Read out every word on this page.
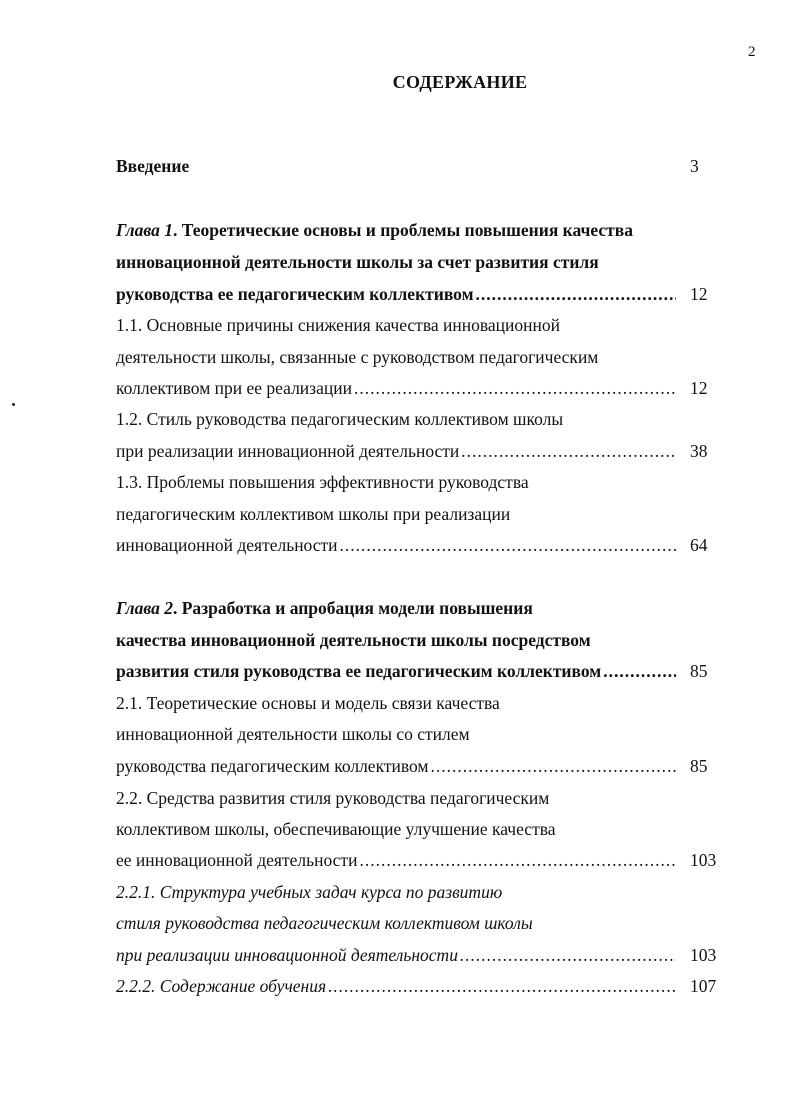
2
СОДЕРЖАНИЕ
Введение	3
Глава 1. Теоретические основы и проблемы повышения качества
инновационной деятельности школы за счет развития стиля
руководства ее педагогическим коллективом .....	12
1.1. Основные причины снижения качества инновационной
деятельности школы, связанные с руководством педагогическим
коллективом при ее реализации .....	12
1.2. Стиль руководства педагогическим коллективом школы
при реализации инновационной деятельности .....	38
1.3. Проблемы повышения эффективности руководства
педагогическим коллективом школы при реализации
инновационной деятельности .....	64
Глава 2. Разработка и апробация модели повышения
качества инновационной деятельности школы посредством
развития стиля руководства ее педагогическим коллективом .....	85
2.1. Теоретические основы и модель связи качества
инновационной деятельности школы со стилем
руководства педагогическим коллективом .....	85
2.2. Средства развития стиля руководства педагогическим
коллективом школы, обеспечивающие улучшение качества
ее инновационной деятельности .....	103
2.2.1. Структура учебных задач курса по развитию
стиля руководства педагогическим коллективом школы
при реализации инновационной деятельности .....	103
2.2.2. Содержание обучения .....	107
